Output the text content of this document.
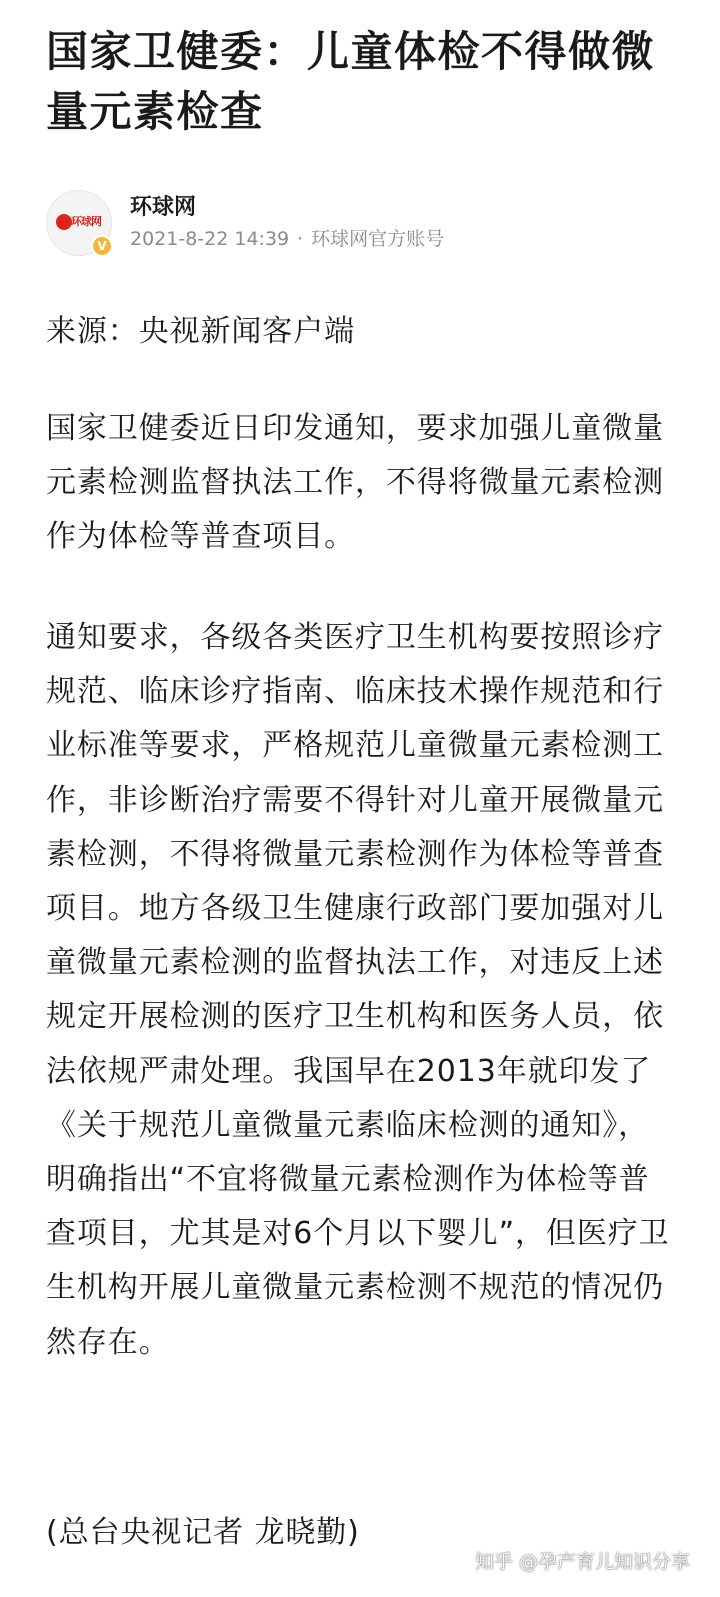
国家卫健委：儿童体检不得做微量元素检查
环球网
V
环球网
2021-8-22 14:39 · 环球网官方账号

来源：央视新闻客户端

国家卫健委近日印发通知，要求加强儿童微量元素检测监督执法工作，不得将微量元素检测作为体检等普查项目。

通知要求，各级各类医疗卫生机构要按照诊疗规范、临床诊疗指南、临床技术操作规范和行业标准等要求，严格规范儿童微量元素检测工作，非诊断治疗需要不得针对儿童开展微量元素检测，不得将微量元素检测作为体检等普查项目。地方各级卫生健康行政部门要加强对儿童微量元素检测的监督执法工作，对违反上述规定开展检测的医疗卫生机构和医务人员，依法依规严肃处理。我国早在2013年就印发了《关于规范儿童微量元素临床检测的通知》，明确指出“不宜将微量元素检测作为体检等普查项目，尤其是对6个月以下婴儿”，但医疗卫生机构开展儿童微量元素检测不规范的情况仍然存在。

(总台央视记者 龙晓勤)

知乎 @孕产育儿知识分享
